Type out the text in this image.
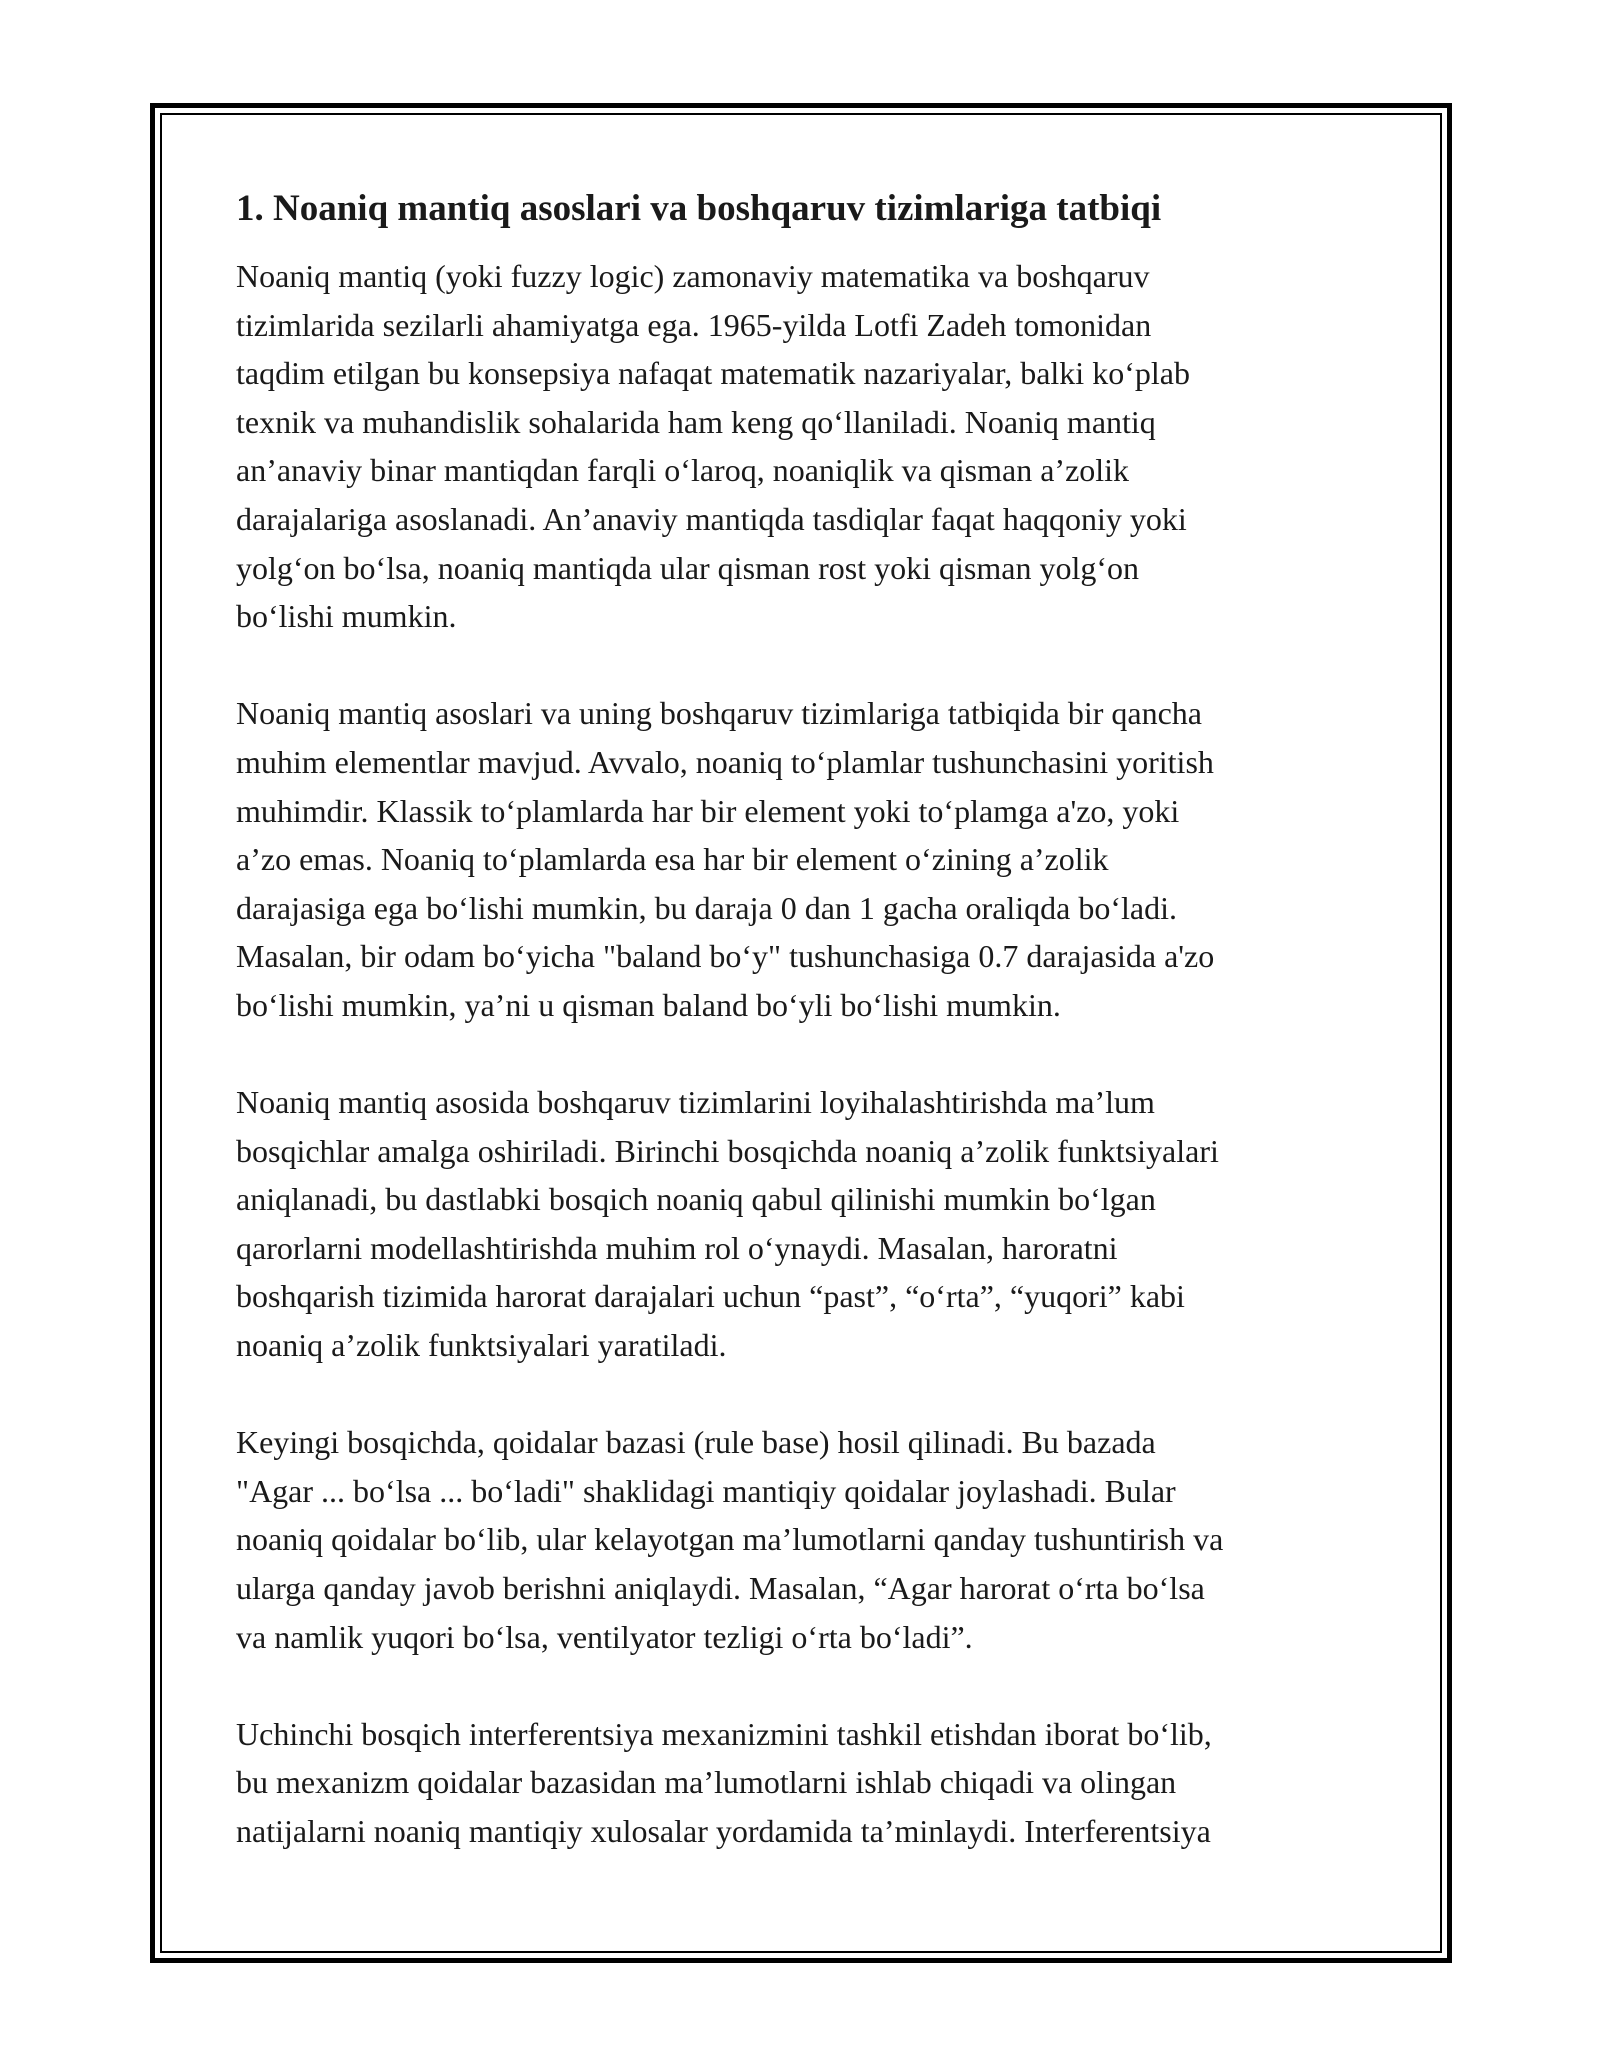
1. Noaniq mantiq asoslari va boshqaruv tizimlariga tatbiqi
Noaniq mantiq (yoki fuzzy logic) zamonaviy matematika va boshqaruv
tizimlarida sezilarli ahamiyatga ega. 1965-yilda Lotfi Zadeh tomonidan
taqdim etilgan bu konsepsiya nafaqat matematik nazariyalar, balki ko‘plab
texnik va muhandislik sohalarida ham keng qo‘llaniladi. Noaniq mantiq
an’anaviy binar mantiqdan farqli o‘laroq, noaniqlik va qisman a’zolik
darajalariga asoslanadi. An’anaviy mantiqda tasdiqlar faqat haqqoniy yoki
yolg‘on bo‘lsa, noaniq mantiqda ular qisman rost yoki qisman yolg‘on
bo‘lishi mumkin.
Noaniq mantiq asoslari va uning boshqaruv tizimlariga tatbiqida bir qancha
muhim elementlar mavjud. Avvalo, noaniq to‘plamlar tushunchasini yoritish
muhimdir. Klassik to‘plamlarda har bir element yoki to‘plamga a'zo, yoki
a’zo emas. Noaniq to‘plamlarda esa har bir element o‘zining a’zolik
darajasiga ega bo‘lishi mumkin, bu daraja 0 dan 1 gacha oraliqda bo‘ladi.
Masalan, bir odam bo‘yicha "baland bo‘y" tushunchasiga 0.7 darajasida a'zo
bo‘lishi mumkin, ya’ni u qisman baland bo‘yli bo‘lishi mumkin.
Noaniq mantiq asosida boshqaruv tizimlarini loyihalashtirishda ma’lum
bosqichlar amalga oshiriladi. Birinchi bosqichda noaniq a’zolik funktsiyalari
aniqlanadi, bu dastlabki bosqich noaniq qabul qilinishi mumkin bo‘lgan
qarorlarni modellashtirishda muhim rol o‘ynaydi. Masalan, haroratni
boshqarish tizimida harorat darajalari uchun “past”, “o‘rta”, “yuqori” kabi
noaniq a’zolik funktsiyalari yaratiladi.
Keyingi bosqichda, qoidalar bazasi (rule base) hosil qilinadi. Bu bazada
"Agar ... bo‘lsa ... bo‘ladi" shaklidagi mantiqiy qoidalar joylashadi. Bular
noaniq qoidalar bo‘lib, ular kelayotgan ma’lumotlarni qanday tushuntirish va
ularga qanday javob berishni aniqlaydi. Masalan, “Agar harorat o‘rta bo‘lsa
va namlik yuqori bo‘lsa, ventilyator tezligi o‘rta bo‘ladi”.
Uchinchi bosqich interferentsiya mexanizmini tashkil etishdan iborat bo‘lib,
bu mexanizm qoidalar bazasidan ma’lumotlarni ishlab chiqadi va olingan
natijalarni noaniq mantiqiy xulosalar yordamida ta’minlaydi. Interferentsiya
